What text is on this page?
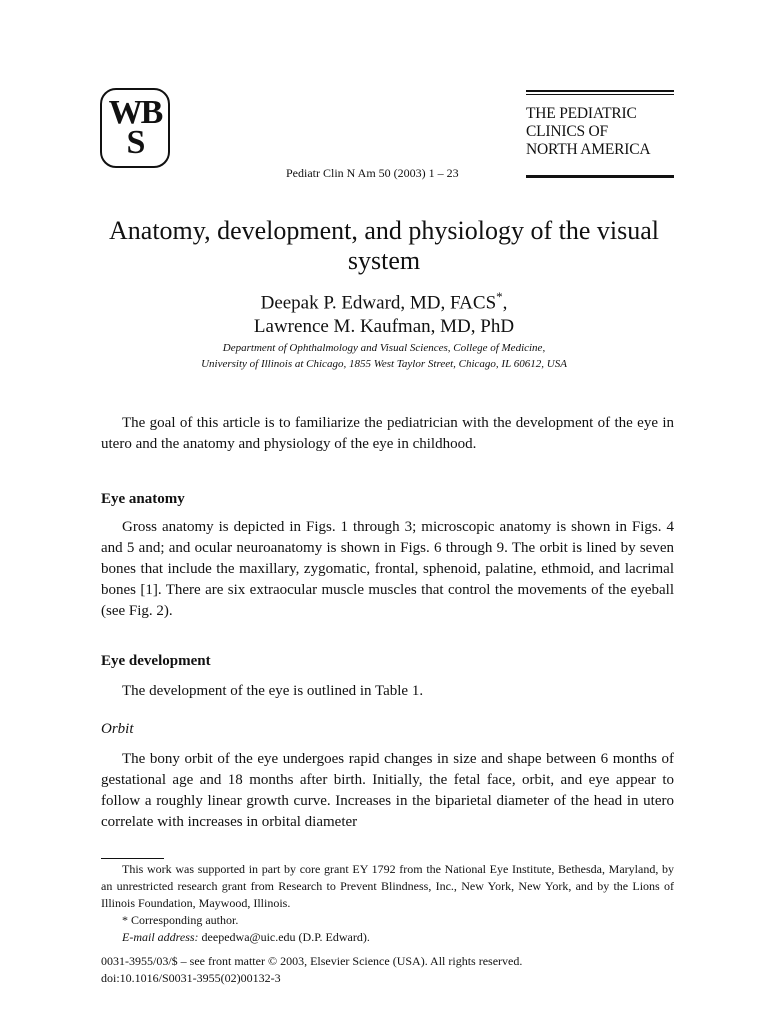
WB
S
THE PEDIATRIC
CLINICS OF
NORTH AMERICA
Pediatr Clin N Am 50 (2003) 1 – 23
Anatomy, development, and physiology of the visual system
Deepak P. Edward, MD, FACS*,
Lawrence M. Kaufman, MD, PhD
Department of Ophthalmology and Visual Sciences, College of Medicine,
University of Illinois at Chicago, 1855 West Taylor Street, Chicago, IL 60612, USA

The goal of this article is to familiarize the pediatrician with the development of the eye in utero and the anatomy and physiology of the eye in childhood.

Eye anatomy

Gross anatomy is depicted in Figs. 1 through 3; microscopic anatomy is shown in Figs. 4 and 5 and; and ocular neuroanatomy is shown in Figs. 6 through 9. The orbit is lined by seven bones that include the maxillary, zygomatic, frontal, sphenoid, palatine, ethmoid, and lacrimal bones [1]. There are six extraocular muscle muscles that control the movements of the eyeball (see Fig. 2).

Eye development

The development of the eye is outlined in Table 1.

Orbit

The bony orbit of the eye undergoes rapid changes in size and shape between 6 months of gestational age and 18 months after birth. Initially, the fetal face, orbit, and eye appear to follow a roughly linear growth curve. Increases in the biparietal diameter of the head in utero correlate with increases in orbital diameter

This work was supported in part by core grant EY 1792 from the National Eye Institute, Bethesda, Maryland, by an unrestricted research grant from Research to Prevent Blindness, Inc., New York, New York, and by the Lions of Illinois Foundation, Maywood, Illinois.

* Corresponding author.

E-mail address: deepedwa@uic.edu (D.P. Edward).

0031-3955/03/$ – see front matter © 2003, Elsevier Science (USA). All rights reserved.
doi:10.1016/S0031-3955(02)00132-3
